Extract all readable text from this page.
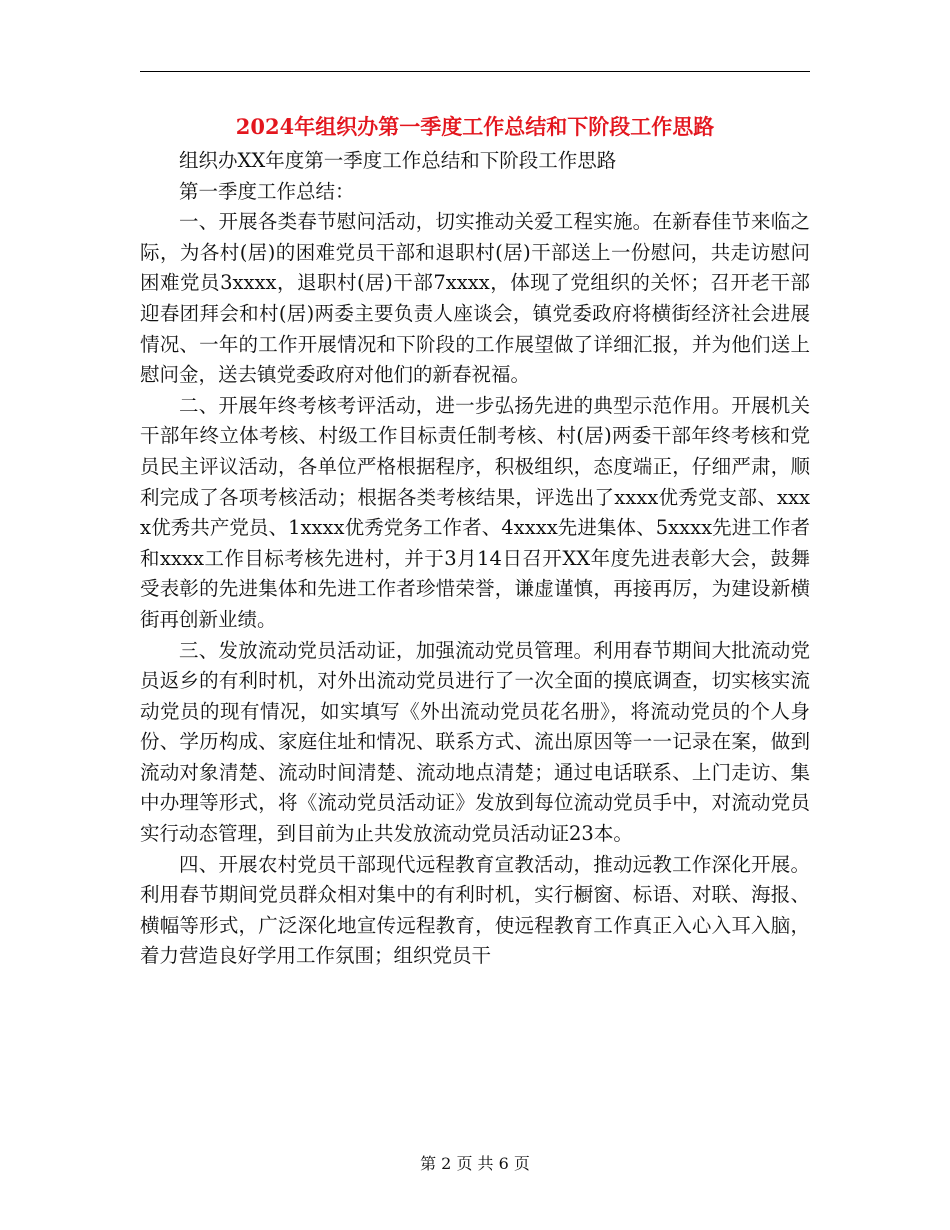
2024年组织办第一季度工作总结和下阶段工作思路

组织办XX年度第一季度工作总结和下阶段工作思路

第一季度工作总结：

一、开展各类春节慰问活动，切实推动关爱工程实施。在新春佳节来临之际，为各村(居)的困难党员干部和退职村(居)干部送上一份慰问，共走访慰问困难党员3xxxx，退职村(居)干部7xxxx，体现了党组织的关怀；召开老干部迎春团拜会和村(居)两委主要负责人座谈会，镇党委政府将横街经济社会进展情况、一年的工作开展情况和下阶段的工作展望做了详细汇报，并为他们送上慰问金，送去镇党委政府对他们的新春祝福。

二、开展年终考核考评活动，进一步弘扬先进的典型示范作用。开展机关干部年终立体考核、村级工作目标责任制考核、村(居)两委干部年终考核和党员民主评议活动，各单位严格根据程序，积极组织，态度端正，仔细严肃，顺利完成了各项考核活动；根据各类考核结果，评选出了xxxx优秀党支部、xxxx优秀共产党员、1xxxx优秀党务工作者、4xxxx先进集体、5xxxx先进工作者和xxxx工作目标考核先进村，并于3月14日召开XX年度先进表彰大会，鼓舞受表彰的先进集体和先进工作者珍惜荣誉，谦虚谨慎，再接再厉，为建设新横街再创新业绩。

三、发放流动党员活动证，加强流动党员管理。利用春节期间大批流动党员返乡的有利时机，对外出流动党员进行了一次全面的摸底调查，切实核实流动党员的现有情况，如实填写《外出流动党员花名册》，将流动党员的个人身份、学历构成、家庭住址和情况、联系方式、流出原因等一一记录在案，做到流动对象清楚、流动时间清楚、流动地点清楚；通过电话联系、上门走访、集中办理等形式，将《流动党员活动证》发放到每位流动党员手中，对流动党员实行动态管理，到目前为止共发放流动党员活动证23本。

四、开展农村党员干部现代远程教育宣教活动，推动远教工作深化开展。利用春节期间党员群众相对集中的有利时机，实行橱窗、标语、对联、海报、横幅等形式，广泛深化地宣传远程教育，使远程教育工作真正入心入耳入脑，着力营造良好学用工作氛围；组织党员干

第 2 页 共 6 页
